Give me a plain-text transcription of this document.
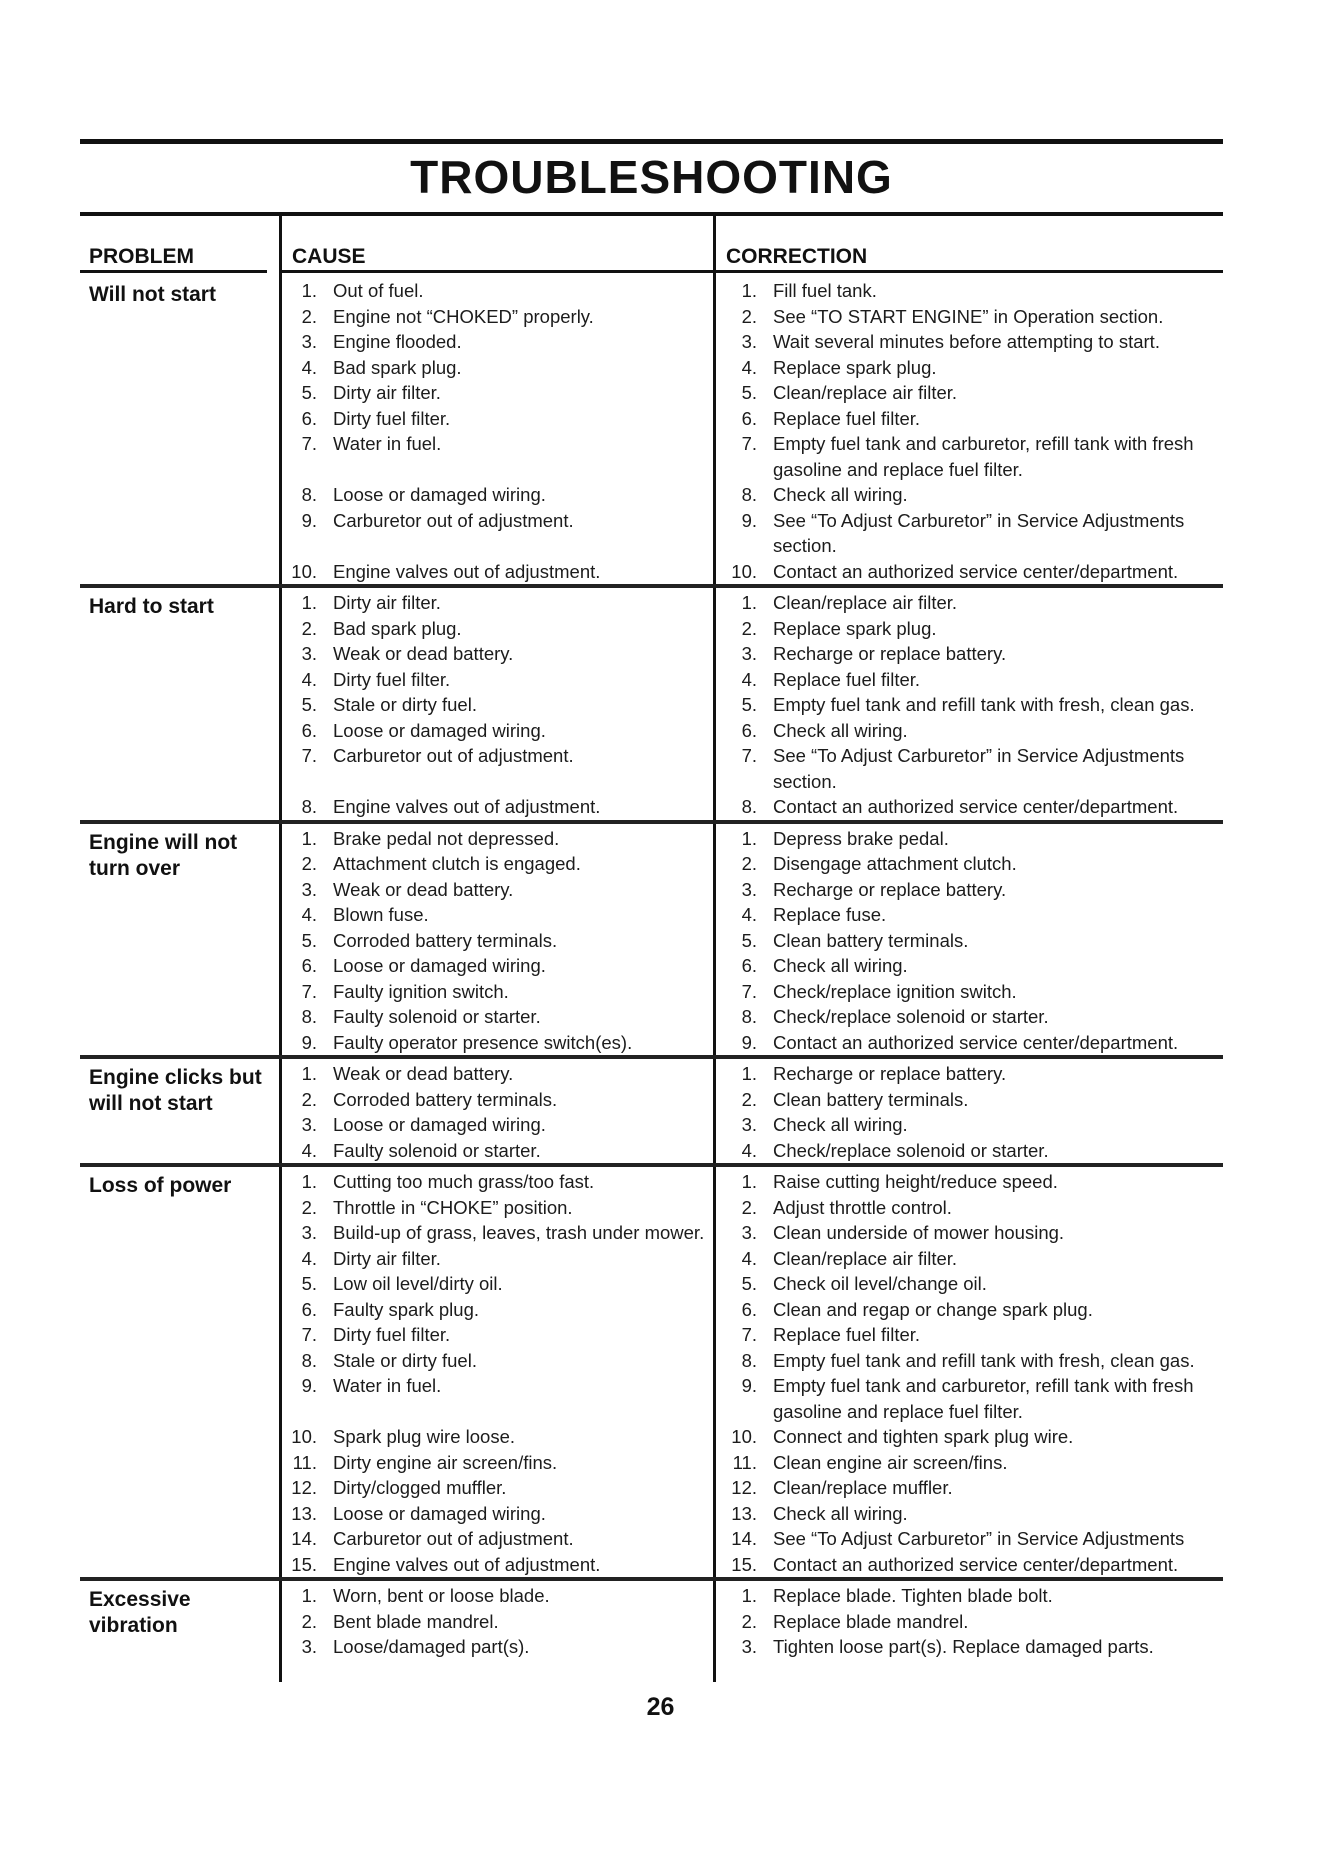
TROUBLESHOOTING
PROBLEM	CAUSE	CORRECTION
Will not start	1. Out of fuel.	1. Fill fuel tank.
2. Engine not “CHOKED” properly.	2. See “TO START ENGINE” in Operation section.
3. Engine flooded.	3. Wait several minutes before attempting to start.
4. Bad spark plug.	4. Replace spark plug.
5. Dirty air filter.	5. Clean/replace air filter.
6. Dirty fuel filter.	6. Replace fuel filter.
7. Water in fuel.	7. Empty fuel tank and carburetor, refill tank with fresh gasoline and replace fuel filter.
8. Loose or damaged wiring.	8. Check all wiring.
9. Carburetor out of adjustment.	9. See “To Adjust Carburetor” in Service Adjustments section.
10. Engine valves out of adjustment.	10. Contact an authorized service center/department.
Hard to start	1. Dirty air filter.	1. Clean/replace air filter.
2. Bad spark plug.	2. Replace spark plug.
3. Weak or dead battery.	3. Recharge or replace battery.
4. Dirty fuel filter.	4. Replace fuel filter.
5. Stale or dirty fuel.	5. Empty fuel tank and refill tank with fresh, clean gas.
6. Loose or damaged wiring.	6. Check all wiring.
7. Carburetor out of adjustment.	7. See “To Adjust Carburetor” in Service Adjustments section.
8. Engine valves out of adjustment.	8. Contact an authorized service center/department.
Engine will not turn over
1. Brake pedal not depressed.	1. Depress brake pedal.
2. Attachment clutch is engaged.	2. Disengage attachment clutch.
3. Weak or dead battery.	3. Recharge or replace battery.
4. Blown fuse.	4. Replace fuse.
5. Corroded battery terminals.	5. Clean battery terminals.
6. Loose or damaged wiring.	6. Check all wiring.
7. Faulty ignition switch.	7. Check/replace ignition switch.
8. Faulty solenoid or starter.	8. Check/replace solenoid or starter.
9. Faulty operator presence switch(es).	9. Contact an authorized service center/department.
Engine clicks but will not start
1. Weak or dead battery.	1. Recharge or replace battery.
2. Corroded battery terminals.	2. Clean battery terminals.
3. Loose or damaged wiring.	3. Check all wiring.
4. Faulty solenoid or starter.	4. Check/replace solenoid or starter.
Loss of power	1. Cutting too much grass/too fast.	1. Raise cutting height/reduce speed.
2. Throttle in “CHOKE” position.	2. Adjust throttle control.
3. Build-up of grass, leaves, trash under mower.	3. Clean underside of mower housing.
4. Dirty air filter.	4. Clean/replace air filter.
5. Low oil level/dirty oil.	5. Check oil level/change oil.
6. Faulty spark plug.	6. Clean and regap or change spark plug.
7. Dirty fuel filter.	7. Replace fuel filter.
8. Stale or dirty fuel.	8. Empty fuel tank and refill tank with fresh, clean gas.
9. Water in fuel.	9. Empty fuel tank and carburetor, refill tank with fresh gasoline and replace fuel filter.
10. Spark plug wire loose.	10. Connect and tighten spark plug wire.
11. Dirty engine air screen/fins.	11. Clean engine air screen/fins.
12. Dirty/clogged muffler.	12. Clean/replace muffler.
13. Loose or damaged wiring.	13. Check all wiring.
14. Carburetor out of adjustment.	14. See “To Adjust Carburetor” in Service Adjustments
15. Engine valves out of adjustment.	15. Contact an authorized service center/department.
Excessive vibration
1. Worn, bent or loose blade.	1. Replace blade. Tighten blade bolt.
2. Bent blade mandrel.	2. Replace blade mandrel.
3. Loose/damaged part(s).	3. Tighten loose part(s). Replace damaged parts.
26
